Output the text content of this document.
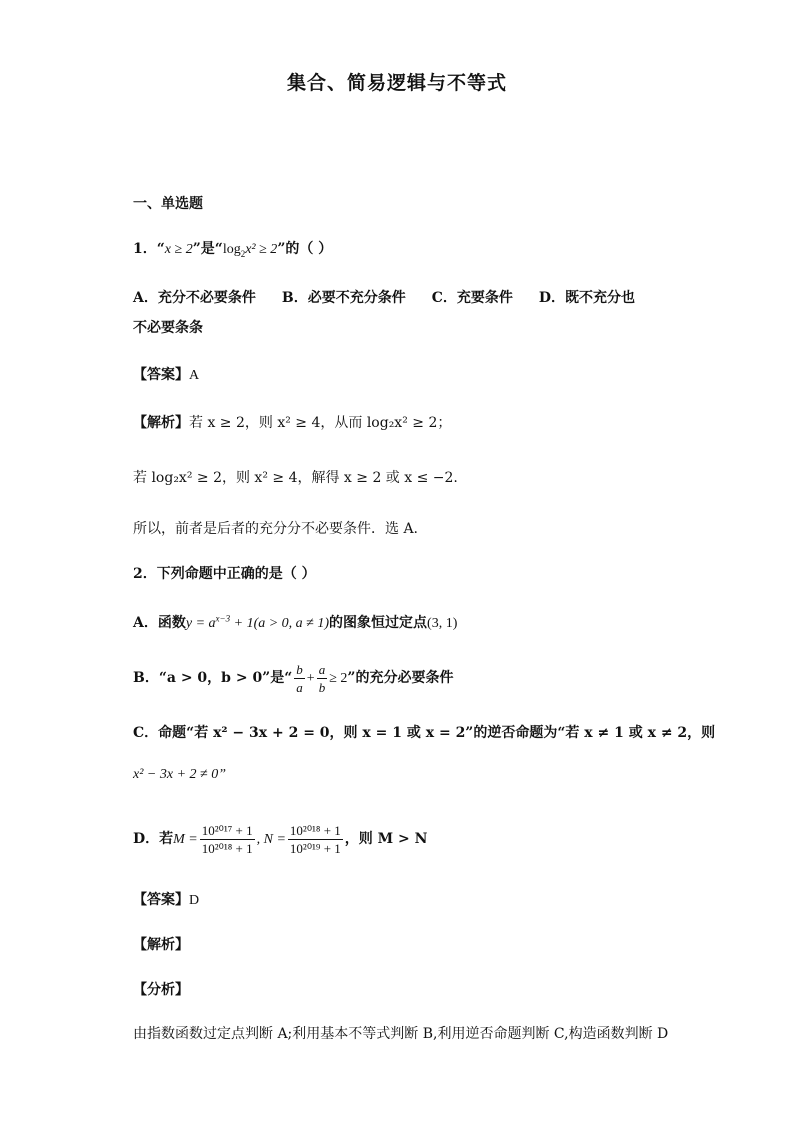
集合、简易逻辑与不等式
一、单选题
1．“x ≥ 2”是“$\log_2x^2 \ge 2$”的（ ）
A．充分不必要条件 B．必要不充分条件 C．充要条件 D．既不充分也
不必要条条
【答案】A
【解析】若 x ≥ 2，则 x² ≥ 4，从而 log₂x² ≥ 2；
若 log₂x² ≥ 2，则 x² ≥ 4，解得 x ≥ 2 或 x ≤ −2.
所以，前者是后者的充分分不必要条件．选 A.
2．下列命题中正确的是（ ）
A．函数$y = a^{x-3} + 1(a > 0$, a ≠ 1)的图象恒过定点(3, 1)
B．“a > 0，b > 0”是“ $\frac{b}{a} + \frac{a}{b} \ge 2$”的充分必要条件
C．命题“若 x² − 3x + 2 = 0，则 x = 1 或 x = 2”的逆否命题为“若 x ≠ 1 或 x ≠ 2，则
x² − 3x + 2 ≠ 0”
D．若$M = \frac{\text{10²⁰¹⁷ + 1}}{\text{10²⁰¹⁸ + 1}}$ , $N = \frac{\text{10²⁰¹⁸ + 1}}{\text{10²⁰¹⁹ + 1}}$ ，则 M > N
【答案】D
【解析】
【分析】
由指数函数过定点判断 A;利用基本不等式判断 B,利用逆否命题判断 C,构造函数判断 D
